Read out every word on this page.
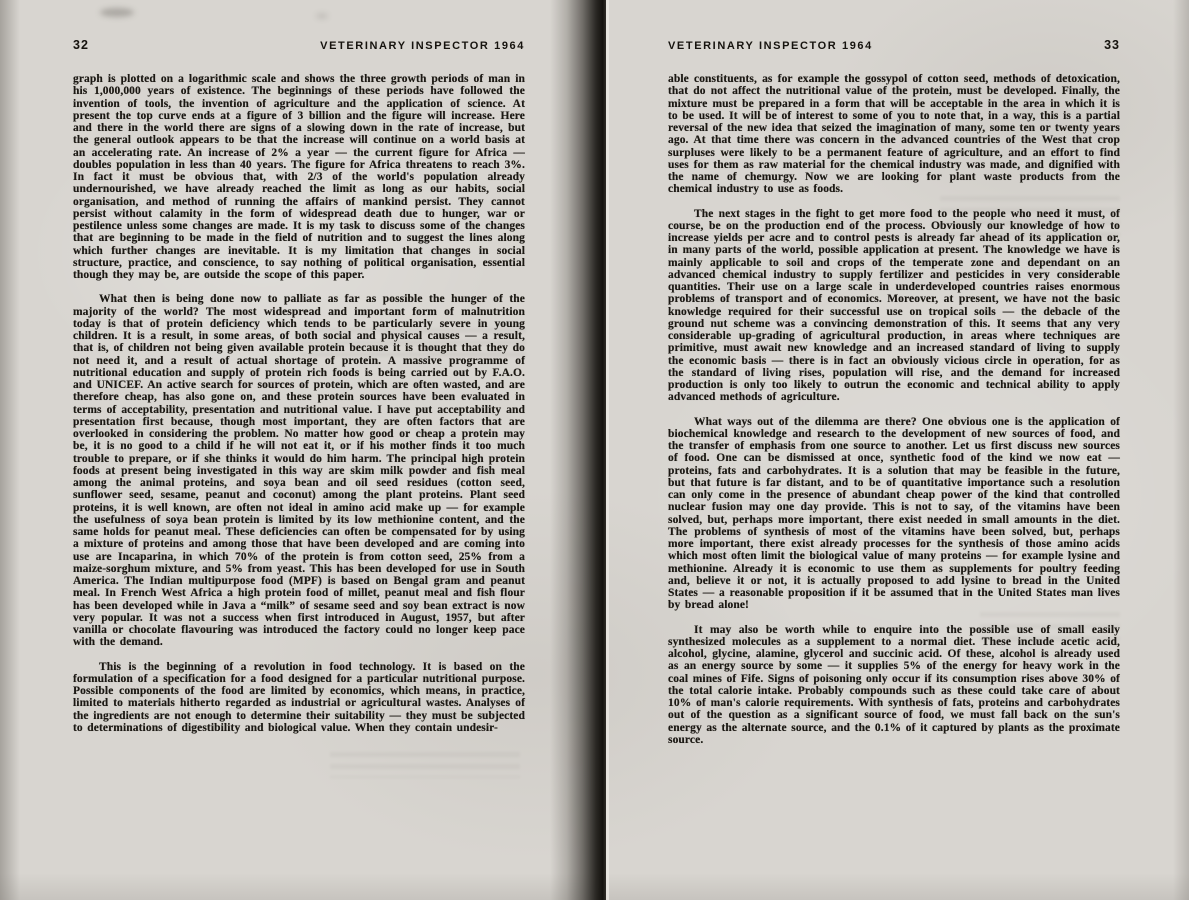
32	VETERINARY INSPECTOR 1964

graph is plotted on a logarithmic scale and shows the three growth periods of man in his 1,000,000 years of existence. The beginnings of these periods have followed the invention of tools, the invention of agriculture and the application of science. At present the top curve ends at a figure of 3 billion and the figure will increase. Here and there in the world there are signs of a slowing down in the rate of increase, but the general outlook appears to be that the increase will continue on a world basis at an accelerating rate. An increase of 2% a year — the current figure for Africa — doubles population in less than 40 years. The figure for Africa threatens to reach 3%. In fact it must be obvious that, with 2/3 of the world's population already undernourished, we have already reached the limit as long as our habits, social organisation, and method of running the affairs of mankind persist. They cannot persist without calamity in the form of widespread death due to hunger, war or pestilence unless some changes are made. It is my task to discuss some of the changes that are beginning to be made in the field of nutrition and to suggest the lines along which further changes are inevitable. It is my limitation that changes in social structure, practice, and conscience, to say nothing of political organisation, essential though they may be, are outside the scope of this paper.

What then is being done now to palliate as far as possible the hunger of the majority of the world? The most widespread and important form of malnutrition today is that of protein deficiency which tends to be particularly severe in young children. It is a result, in some areas, of both social and physical causes — a result, that is, of children not being given available protein because it is thought that they do not need it, and a result of actual shortage of protein. A massive programme of nutritional education and supply of protein rich foods is being carried out by F.A.O. and UNICEF. An active search for sources of protein, which are often wasted, and are therefore cheap, has also gone on, and these protein sources have been evaluated in terms of acceptability, presentation and nutritional value. I have put acceptability and presentation first because, though most important, they are often factors that are overlooked in considering the problem. No matter how good or cheap a protein may be, it is no good to a child if he will not eat it, or if his mother finds it too much trouble to prepare, or if she thinks it would do him harm. The principal high protein foods at present being investigated in this way are skim milk powder and fish meal among the animal proteins, and soya bean and oil seed residues (cotton seed, sunflower seed, sesame, peanut and coconut) among the plant proteins. Plant seed proteins, it is well known, are often not ideal in amino acid make up — for example the usefulness of soya bean protein is limited by its low methionine content, and the same holds for peanut meal. These deficiencies can often be compensated for by using a mixture of proteins and among those that have been developed and are coming into use are Incaparina, in which 70% of the protein is from cotton seed, 25% from a maize-sorghum mixture, and 5% from yeast. This has been developed for use in South America. The Indian multipurpose food (MPF) is based on Bengal gram and peanut meal. In French West Africa a high protein food of millet, peanut meal and fish flour has been developed while in Java a “milk” of sesame seed and soy bean extract is now very popular. It was not a success when first introduced in August, 1957, but after vanilla or chocolate flavouring was introduced the factory could no longer keep pace with the demand.

This is the beginning of a revolution in food technology. It is based on the formulation of a specification for a food designed for a particular nutritional purpose. Possible components of the food are limited by economics, which means, in practice, limited to materials hitherto regarded as industrial or agricultural wastes. Analyses of the ingredients are not enough to determine their suitability — they must be subjected to determinations of digestibility and biological value. When they contain undesir-

VETERINARY INSPECTOR 1964	33

able constituents, as for example the gossypol of cotton seed, methods of detoxication, that do not affect the nutritional value of the protein, must be developed. Finally, the mixture must be prepared in a form that will be acceptable in the area in which it is to be used. It will be of interest to some of you to note that, in a way, this is a partial reversal of the new idea that seized the imagination of many, some ten or twenty years ago. At that time there was concern in the advanced countries of the West that crop surpluses were likely to be a permanent feature of agriculture, and an effort to find uses for them as raw material for the chemical industry was made, and dignified with the name of chemurgy. Now we are looking for plant waste products from the chemical industry to use as foods.

The next stages in the fight to get more food to the people who need it must, of course, be on the production end of the process. Obviously our knowledge of how to increase yields per acre and to control pests is already far ahead of its application or, in many parts of the world, possible application at present. The knowledge we have is mainly applicable to soil and crops of the temperate zone and dependant on an advanced chemical industry to supply fertilizer and pesticides in very considerable quantities. Their use on a large scale in underdeveloped countries raises enormous problems of transport and of economics. Moreover, at present, we have not the basic knowledge required for their successful use on tropical soils — the debacle of the ground nut scheme was a convincing demonstration of this. It seems that any very considerable up-grading of agricultural production, in areas where techniques are primitive, must await new knowledge and an increased standard of living to supply the economic basis — there is in fact an obviously vicious circle in operation, for as the standard of living rises, population will rise, and the demand for increased production is only too likely to outrun the economic and technical ability to apply advanced methods of agriculture.

What ways out of the dilemma are there? One obvious one is the application of biochemical knowledge and research to the development of new sources of food, and the transfer of emphasis from one source to another. Let us first discuss new sources of food. One can be dismissed at once, synthetic food of the kind we now eat — proteins, fats and carbohydrates. It is a solution that may be feasible in the future, but that future is far distant, and to be of quantitative importance such a resolution can only come in the presence of abundant cheap power of the kind that controlled nuclear fusion may one day provide. This is not to say, of the vitamins have been solved, but, perhaps more important, there exist needed in small amounts in the diet. The problems of synthesis of most of the vitamins have been solved, but, perhaps more important, there exist already processes for the synthesis of those amino acids which most often limit the biological value of many proteins — for example lysine and methionine. Already it is economic to use them as supplements for poultry feeding and, believe it or not, it is actually proposed to add lysine to bread in the United States — a reasonable proposition if it be assumed that in the United States man lives by bread alone!

It may also be worth while to enquire into the possible use of small easily synthesized molecules as a supplement to a normal diet. These include acetic acid, alcohol, glycine, alamine, glycerol and succinic acid. Of these, alcohol is already used as an energy source by some — it supplies 5% of the energy for heavy work in the coal mines of Fife. Signs of poisoning only occur if its consumption rises above 30% of the total calorie intake. Probably compounds such as these could take care of about 10% of man's calorie requirements. With synthesis of fats, proteins and carbohydrates out of the question as a significant source of food, we must fall back on the sun's energy as the alternate source, and the 0.1% of it captured by plants as the proximate source.
